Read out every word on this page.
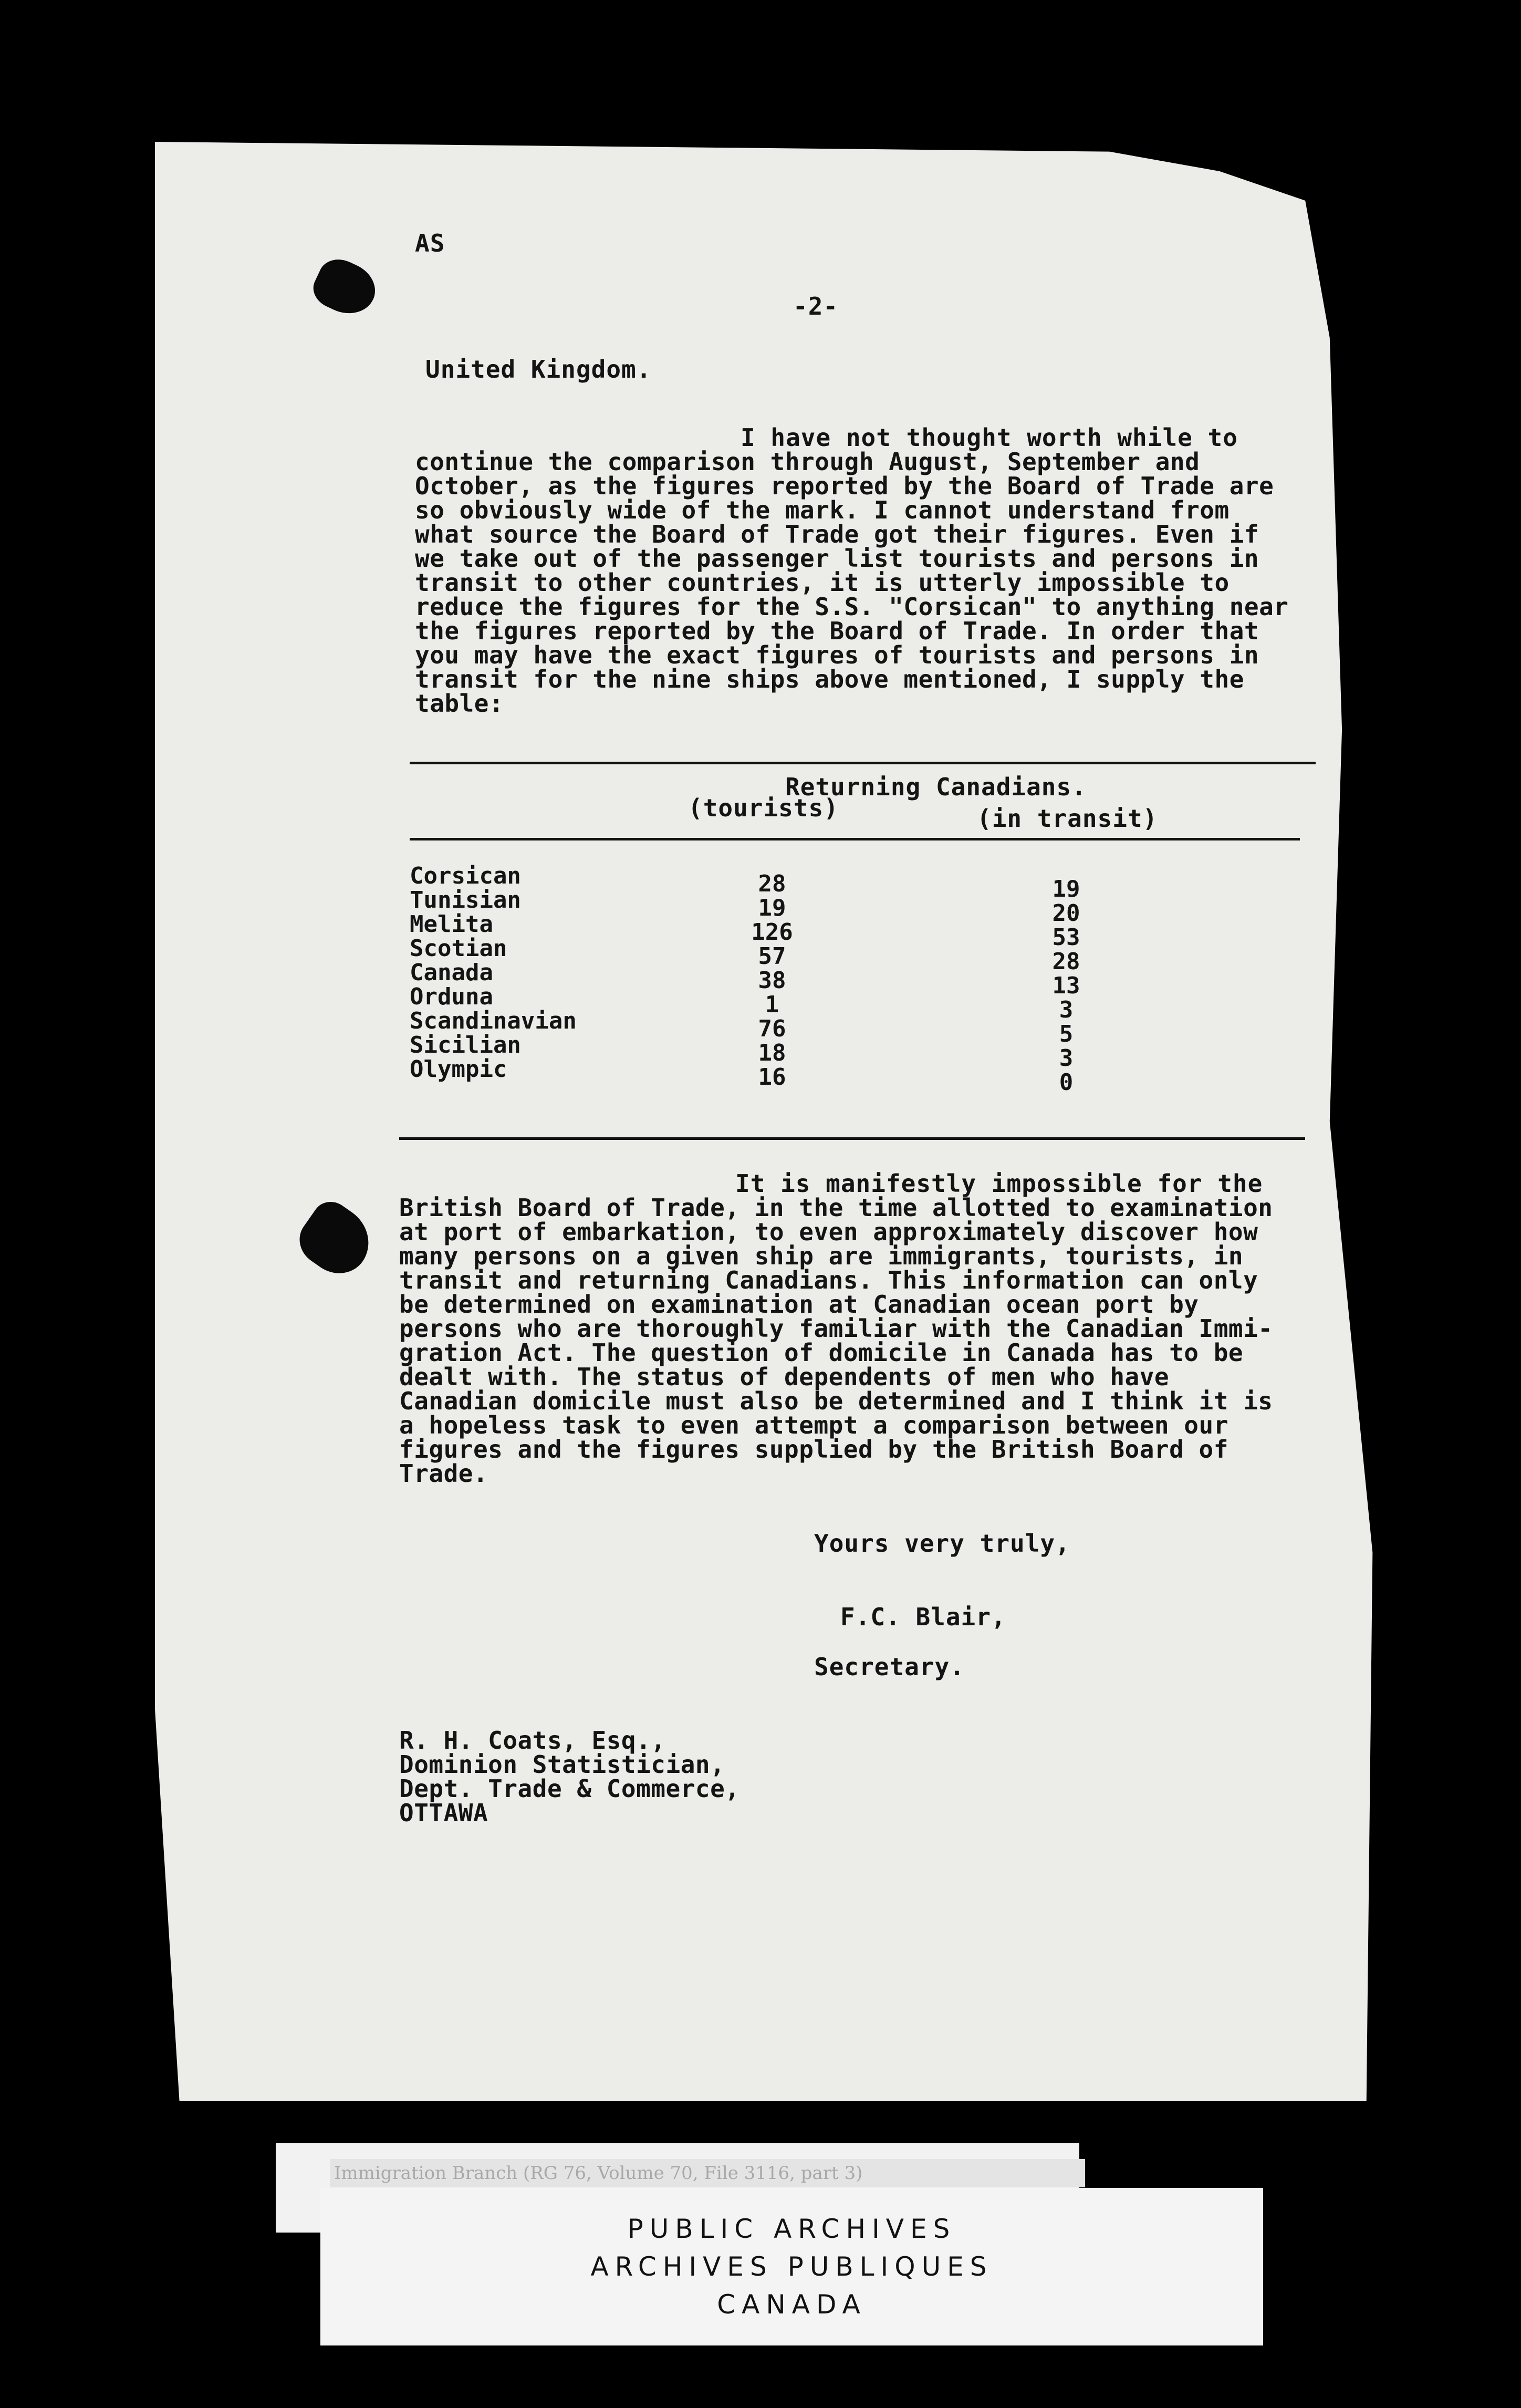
AS
-2-
United Kingdom.
I have not thought worth while to
continue the comparison through August, September and
October, as the figures reported by the Board of Trade are
so obviously wide of the mark. I cannot understand from
what source the Board of Trade got their figures. Even if
we take out of the passenger list tourists and persons in
transit to other countries, it is utterly impossible to
reduce the figures for the S.S. "Corsican" to anything near
the figures reported by the Board of Trade. In order that
you may have the exact figures of tourists and persons in
transit for the nine ships above mentioned, I supply the
table:
Returning Canadians.
(tourists)	(in transit)
Corsican
Tunisian
Melita
Scotian
Canada
Orduna
Scandinavian
Sicilian
Olympic
28
19
126
57
38
1
76
18
16
19
20
53
28
13
3
5
3
0
It is manifestly impossible for the
British Board of Trade, in the time allotted to examination
at port of embarkation, to even approximately discover how
many persons on a given ship are immigrants, tourists, in
transit and returning Canadians. This information can only
be determined on examination at Canadian ocean port by
persons who are thoroughly familiar with the Canadian Immi-
gration Act. The question of domicile in Canada has to be
dealt with. The status of dependents of men who have
Canadian domicile must also be determined and I think it is
a hopeless task to even attempt a comparison between our
figures and the figures supplied by the British Board of
Trade.
Yours very truly,
F.C. Blair,
Secretary.
R. H. Coats, Esq.,
Dominion Statistician,
Dept. Trade & Commerce,
OTTAWA
Immigration Branch (RG 76, Volume 70, File 3116, part 3)
PUBLIC ARCHIVES
ARCHIVES PUBLIQUES
CANADA
